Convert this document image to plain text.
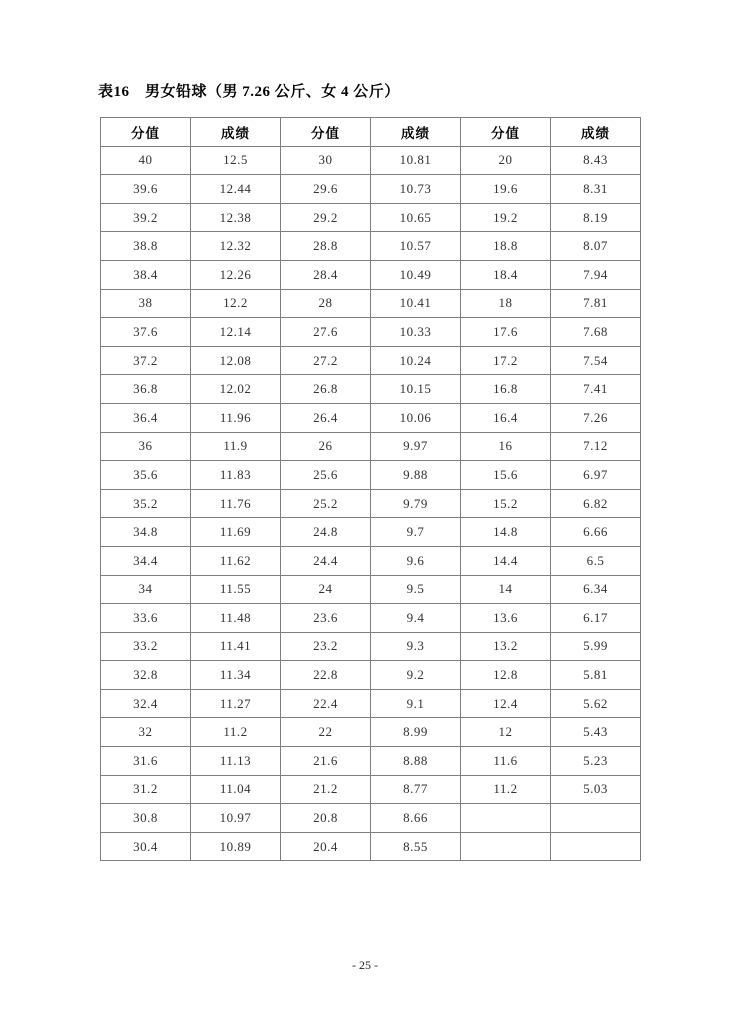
表16　男女铅球（男 7.26 公斤、女 4 公斤）
分值	成绩	分值	成绩	分值	成绩
40	12.5	30	10.81	20	8.43
39.6	12.44	29.6	10.73	19.6	8.31
39.2	12.38	29.2	10.65	19.2	8.19
38.8	12.32	28.8	10.57	18.8	8.07
38.4	12.26	28.4	10.49	18.4	7.94
38	12.2	28	10.41	18	7.81
37.6	12.14	27.6	10.33	17.6	7.68
37.2	12.08	27.2	10.24	17.2	7.54
36.8	12.02	26.8	10.15	16.8	7.41
36.4	11.96	26.4	10.06	16.4	7.26
36	11.9	26	9.97	16	7.12
35.6	11.83	25.6	9.88	15.6	6.97
35.2	11.76	25.2	9.79	15.2	6.82
34.8	11.69	24.8	9.7	14.8	6.66
34.4	11.62	24.4	9.6	14.4	6.5
34	11.55	24	9.5	14	6.34
33.6	11.48	23.6	9.4	13.6	6.17
33.2	11.41	23.2	9.3	13.2	5.99
32.8	11.34	22.8	9.2	12.8	5.81
32.4	11.27	22.4	9.1	12.4	5.62
32	11.2	22	8.99	12	5.43
31.6	11.13	21.6	8.88	11.6	5.23
31.2	11.04	21.2	8.77	11.2	5.03
30.8	10.97	20.8	8.66		
30.4	10.89	20.4	8.55		
- 25 -
